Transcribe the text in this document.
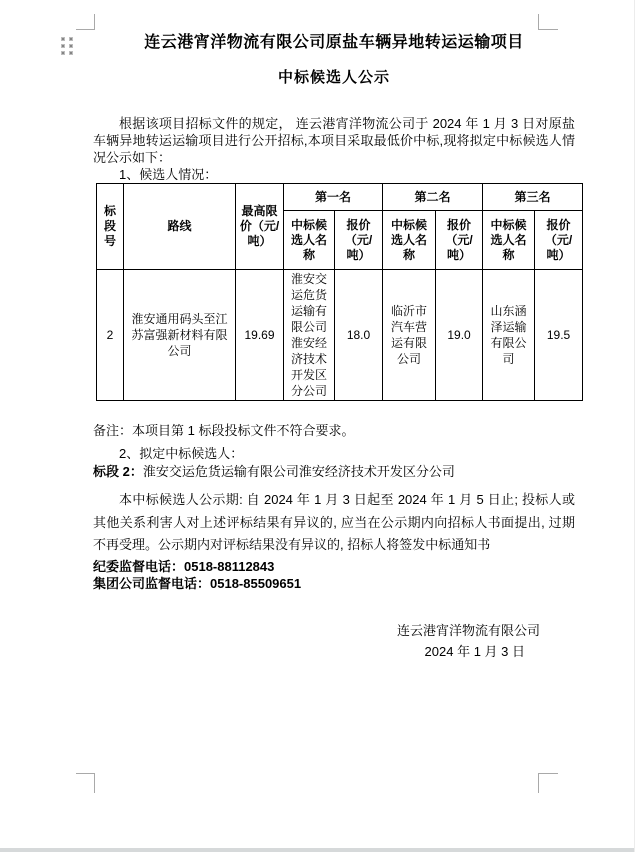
连云港宵洋物流有限公司原盐车辆异地转运运输项目

中标候选人公示

根据该项目招标文件的规定， 连云港宵洋物流公司于 2024 年 1 月 3 日对原盐车辆异地转运运输项目进行公开招标,本项目采取最低价中标,现将拟定中标候选人情况公示如下：

1、候选人情况：

标段号	路线	最高限价（元/吨）	第一名		第二名		第三名	
			中标候选人名称	报价（元/吨）	中标候选人名称	报价（元/吨）	中标候选人名称	报价（元/吨）
2	淮安通用码头至江苏富强新材料有限公司	19.69	淮安交运危货运输有限公司淮安经济技术开发区分公司	18.0	临沂市汽车营运有限公司	19.0	山东涵泽运输有限公司	19.5

备注：本项目第 1 标段投标文件不符合要求。

2、拟定中标候选人：

标段 2：淮安交运危货运输有限公司淮安经济技术开发区分公司

本中标候选人公示期: 自 2024 年 1 月 3 日起至 2024 年 1 月 5 日止; 投标人或其他关系利害人对上述评标结果有异议的, 应当在公示期内向招标人书面提出, 过期不再受理。公示期内对评标结果没有异议的, 招标人将签发中标通知书

纪委监督电话：0518-88112843

集团公司监督电话：0518-85509651

连云港宵洋物流有限公司

2024 年 1 月 3 日
